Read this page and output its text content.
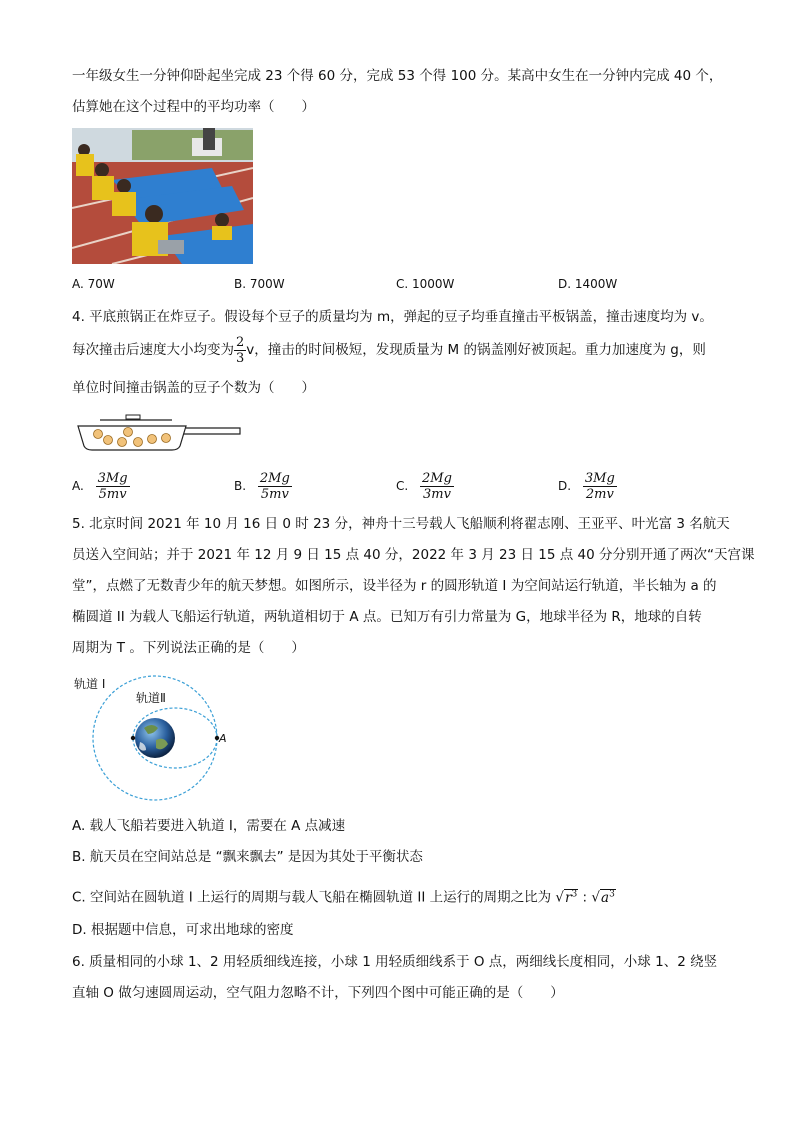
一年级女生一分钟仰卧起坐完成 23 个得 60 分，完成 53 个得 100 分。某高中女生在一分钟内完成 40 个，
估算她在这个过程中的平均功率（　　）
A. 70W	B. 700W	C. 1000W	D. 1400W
4. 平底煎锅正在炸豆子。假设每个豆子的质量均为 m，弹起的豆子均垂直撞击平板锅盖，撞击速度均为 v。
每次撞击后速度大小均变为 $\frac{2}{3}$ v，撞击的时间极短，发现质量为 M 的锅盖刚好被顶起。重力加速度为 g，则
单位时间撞击锅盖的豆子个数为（　　）
A. $\frac{3Mg}{5mv}$	B. $\frac{2Mg}{5mv}$	C. $\frac{2Mg}{3mv}$	D. $\frac{3Mg}{2mv}$
5. 北京时间 2021 年 10 月 16 日 0 时 23 分，神舟十三号载人飞船顺利将翟志刚、王亚平、叶光富 3 名航天
员送入空间站；并于 2021 年 12 月 9 日 15 点 40 分，2022 年 3 月 23 日 15 点 40 分分别开通了两次“天宫课
堂”，点燃了无数青少年的航天梦想。如图所示，设半径为 r 的圆形轨道 I 为空间站运行轨道，半长轴为 a 的
椭圆道 II 为载人飞船运行轨道，两轨道相切于 A 点。已知万有引力常量为 G，地球半径为 R，地球的自转
周期为 T 。下列说法正确的是（　　）
轨道 I
轨道Ⅱ
A
A. 载人飞船若要进入轨道 I，需要在 A 点减速
B. 航天员在空间站总是 “飘来飘去” 是因为其处于平衡状态
C. 空间站在圆轨道 I 上运行的周期与载人飞船在椭圆轨道 II 上运行的周期之比为 $√r^3$ : $√a^3$
D. 根据题中信息，可求出地球的密度
6. 质量相同的小球 1、2 用轻质细线连接，小球 1 用轻质细线系于 O 点，两细线长度相同，小球 1、2 绕竖
直轴 O 做匀速圆周运动，空气阻力忽略不计，下列四个图中可能正确的是（　　）
